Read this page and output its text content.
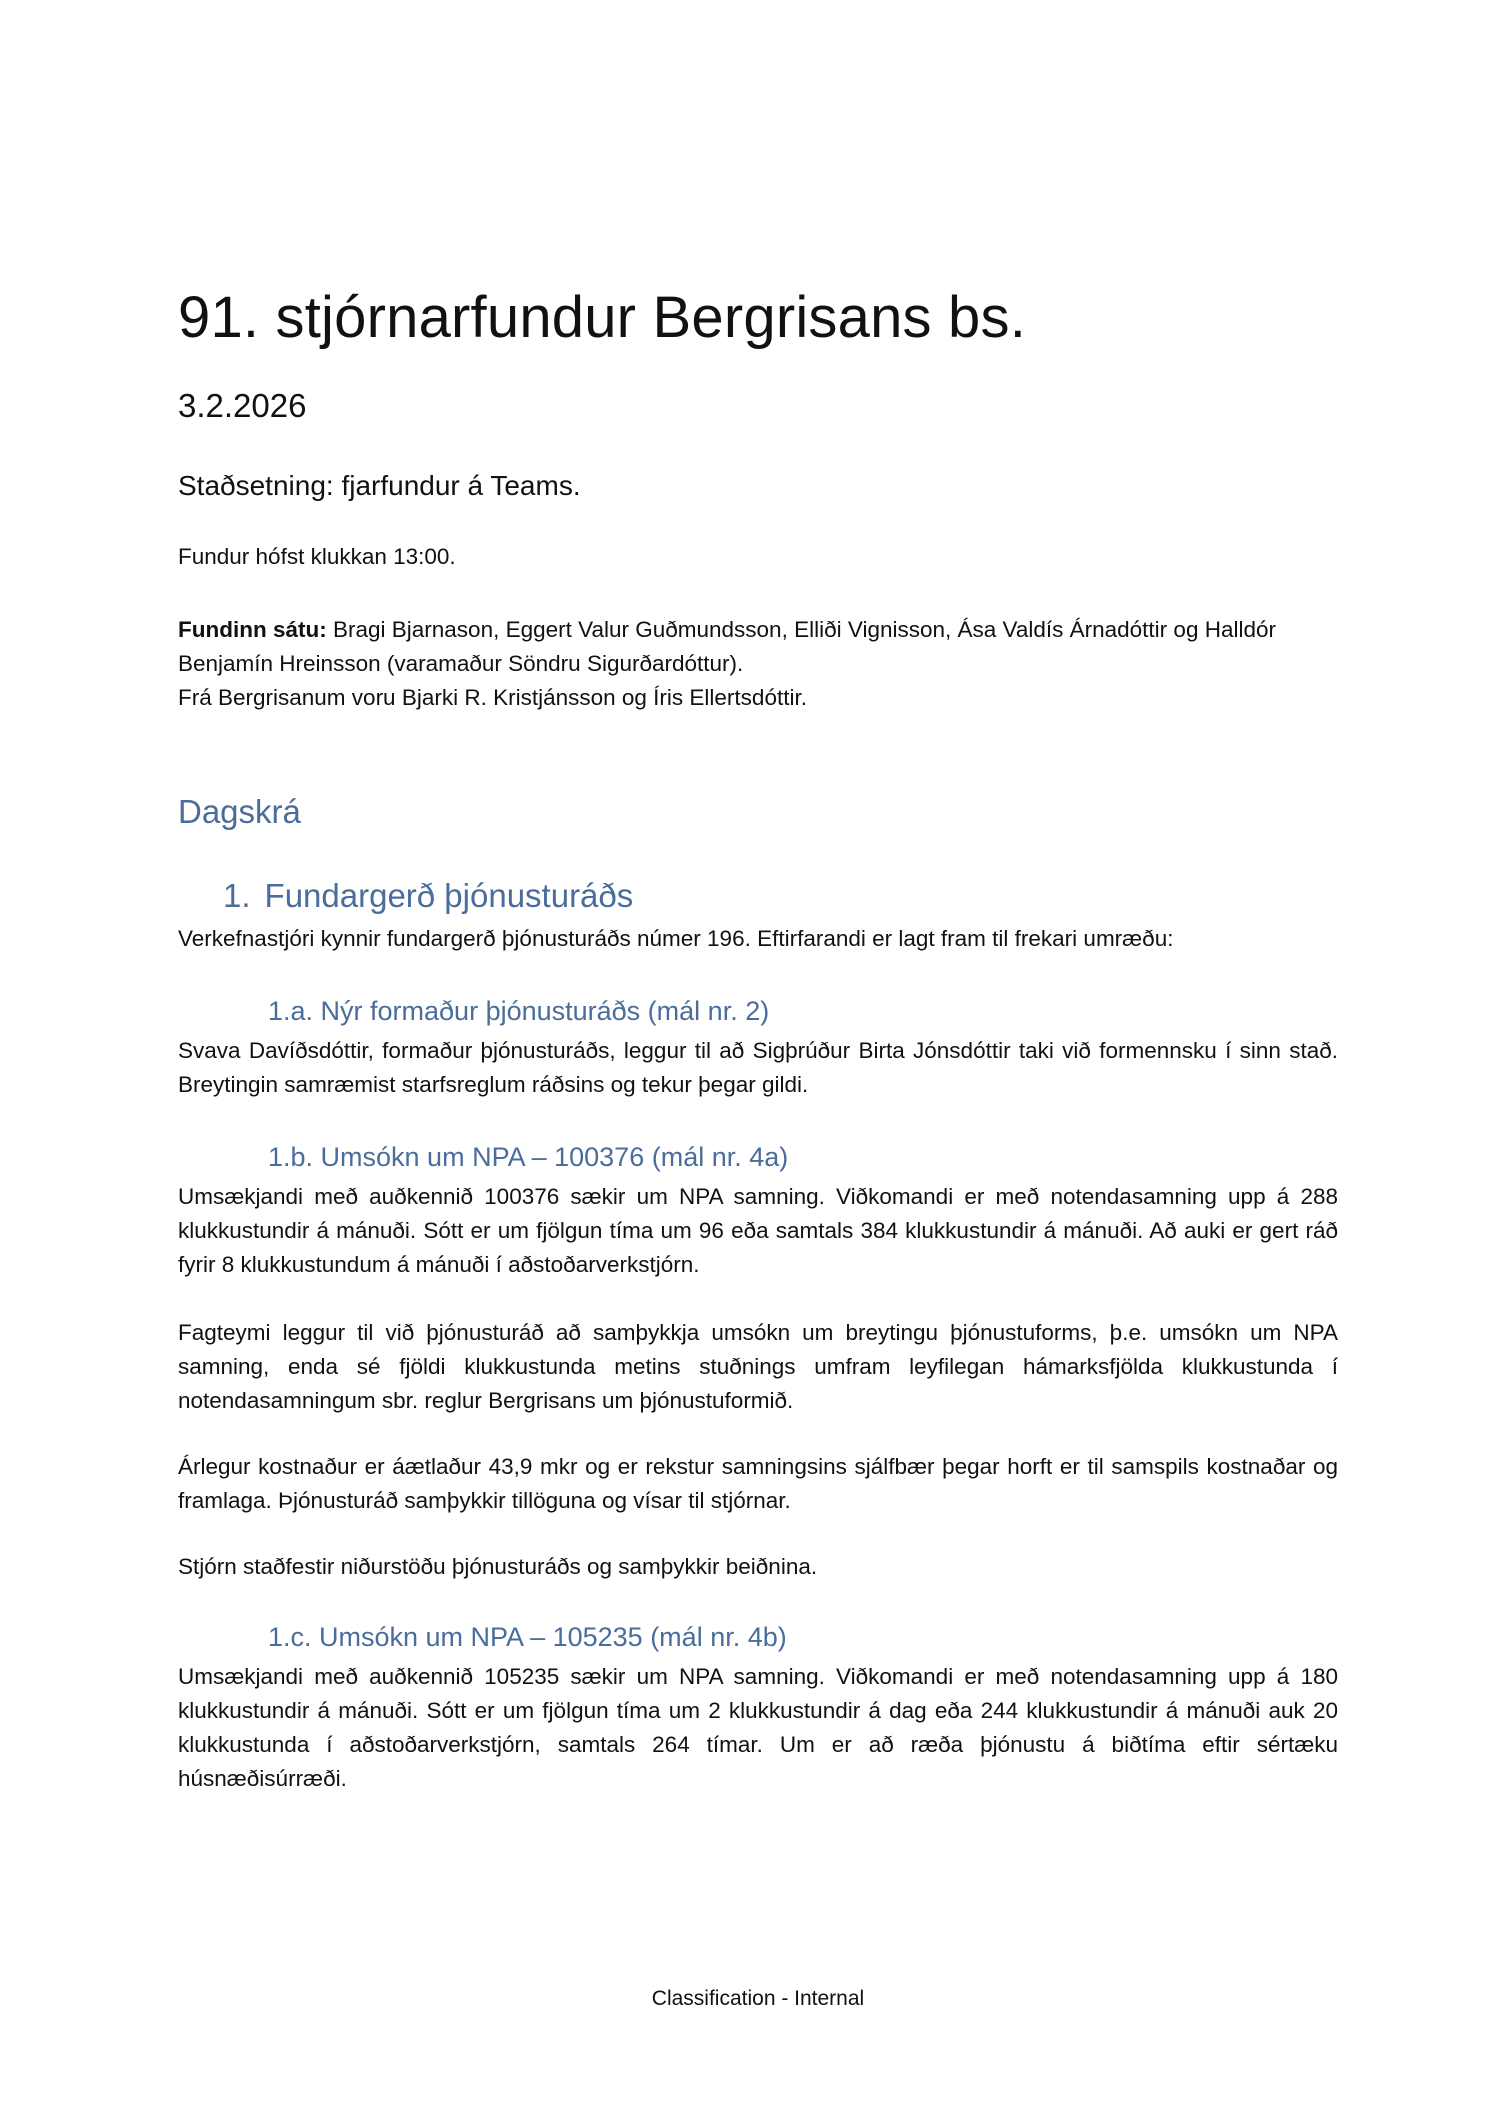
91. stjórnarfundur Bergrisans bs.

3.2.2026

Staðsetning: fjarfundur á Teams.

Fundur hófst klukkan 13:00.

Fundinn sátu: Bragi Bjarnason, Eggert Valur Guðmundsson, Elliði Vignisson, Ása Valdís Árnadóttir og Halldór Benjamín Hreinsson (varamaður Söndru Sigurðardóttur).
Frá Bergrisanum voru Bjarki R. Kristjánsson og Íris Ellertsdóttir.
Dagskrá
1. Fundargerð þjónusturáðs

Verkefnastjóri kynnir fundargerð þjónusturáðs númer 196. Eftirfarandi er lagt fram til frekari umræðu:

1.a. Nýr formaður þjónusturáðs (mál nr. 2)

Svava Davíðsdóttir, formaður þjónusturáðs, leggur til að Sigþrúður Birta Jónsdóttir taki við formennsku í sinn stað. Breytingin samræmist starfsreglum ráðsins og tekur þegar gildi.

1.b. Umsókn um NPA – 100376 (mál nr. 4a)

Umsækjandi með auðkennið 100376 sækir um NPA samning. Viðkomandi er með notendasamning upp á 288 klukkustundir á mánuði. Sótt er um fjölgun tíma um 96 eða samtals 384 klukkustundir á mánuði. Að auki er gert ráð fyrir 8 klukkustundum á mánuði í aðstoðarverkstjórn.

Fagteymi leggur til við þjónusturáð að samþykkja umsókn um breytingu þjónustuforms, þ.e. umsókn um NPA samning, enda sé fjöldi klukkustunda metins stuðnings umfram leyfilegan hámarksfjölda klukkustunda í notendasamningum sbr. reglur Bergrisans um þjónustuformið.

Árlegur kostnaður er áætlaður 43,9 mkr og er rekstur samningsins sjálfbær þegar horft er til samspils kostnaðar og framlaga. Þjónusturáð samþykkir tillöguna og vísar til stjórnar.

Stjórn staðfestir niðurstöðu þjónusturáðs og samþykkir beiðnina.

1.c. Umsókn um NPA – 105235 (mál nr. 4b)

Umsækjandi með auðkennið 105235 sækir um NPA samning. Viðkomandi er með notendasamning upp á 180 klukkustundir á mánuði. Sótt er um fjölgun tíma um 2 klukkustundir á dag eða 244 klukkustundir á mánuði auk 20 klukkustunda í aðstoðarverkstjórn, samtals 264 tímar. Um er að ræða þjónustu á biðtíma eftir sértæku húsnæðisúrræði.

Classification - Internal
